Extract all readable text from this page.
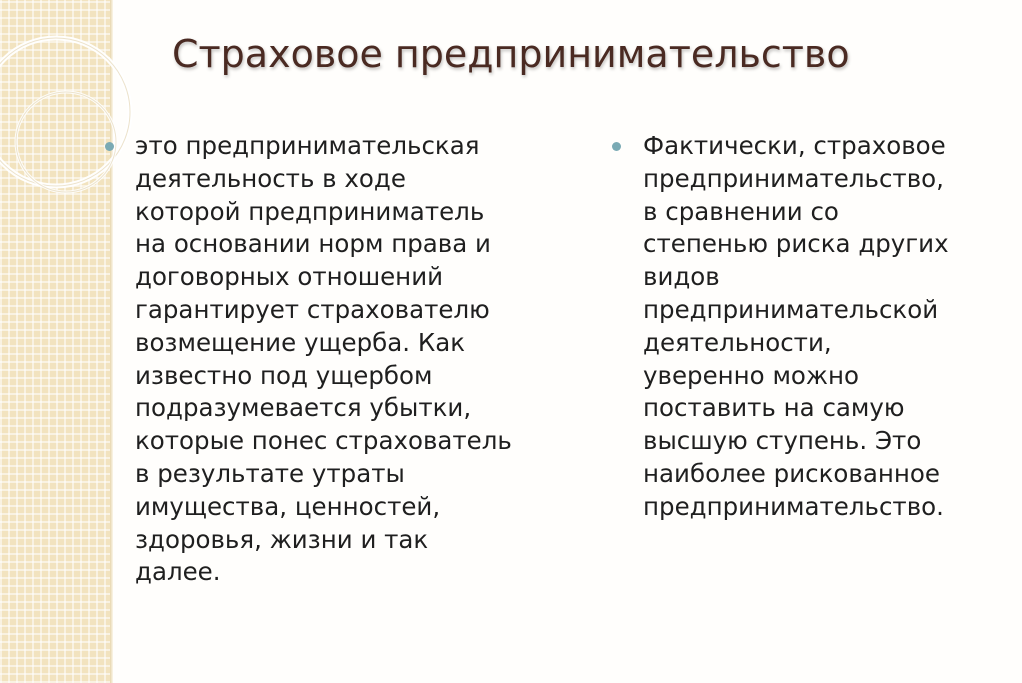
Страховое предпринимательство
это предпринимательская
деятельность в ходе
которой предприниматель
на основании норм права и
договорных отношений
гарантирует страхователю
возмещение ущерба. Как
известно под ущербом
подразумевается убытки,
которые понес страхователь
в результате утраты
имущества, ценностей,
здоровья, жизни и так
далее.
Фактически, страховое
предпринимательство,
в сравнении со
степенью риска других
видов
предпринимательской
деятельности,
уверенно можно
поставить на самую
высшую ступень. Это
наиболее рискованное
предпринимательство.
